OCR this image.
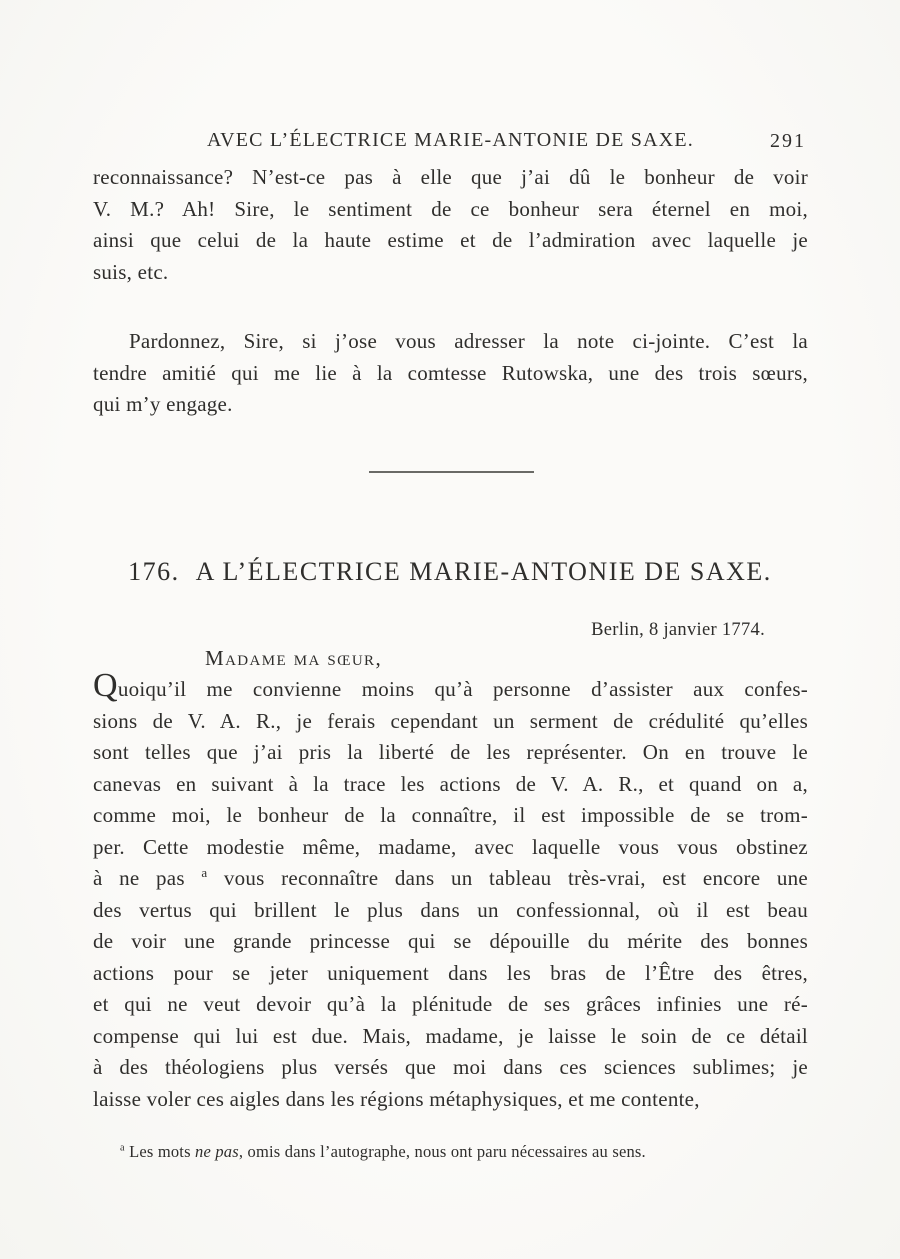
AVEC L’ÉLECTRICE MARIE-ANTONIE DE SAXE.	291
reconnaissance? N’est-ce pas à elle que j’ai dû le bonheur de voir
V. M.? Ah! Sire, le sentiment de ce bonheur sera éternel en moi,
ainsi que celui de la haute estime et de l’admiration avec laquelle je
suis, etc.
Pardonnez, Sire, si j’ose vous adresser la note ci-jointe. C’est la
tendre amitié qui me lie à la comtesse Rutowska, une des trois sœurs,
qui m’y engage.
176. A L’ÉLECTRICE MARIE-ANTONIE DE SAXE.
Berlin, 8 janvier 1774.
Madame ma sœur,
Quoiqu’il me convienne moins qu’à personne d’assister aux confes-
sions de V. A. R., je ferais cependant un serment de crédulité qu’elles
sont telles que j’ai pris la liberté de les représenter. On en trouve le
canevas en suivant à la trace les actions de V. A. R., et quand on a,
comme moi, le bonheur de la connaître, il est impossible de se trom-
per. Cette modestie même, madame, avec laquelle vous vous obstinez
à ne pas $^a$ vous reconnaître dans un tableau très-vrai, est encore une
des vertus qui brillent le plus dans un confessionnal, où il est beau
de voir une grande princesse qui se dépouille du mérite des bonnes
actions pour se jeter uniquement dans les bras de l’Être des êtres,
et qui ne veut devoir qu’à la plénitude de ses grâces infinies une ré-
compense qui lui est due. Mais, madame, je laisse le soin de ce détail
à des théologiens plus versés que moi dans ces sciences sublimes; je
laisse voler ces aigles dans les régions métaphysiques, et me contente,
$^a$ Les mots ne pas, omis dans l’autographe, nous ont paru nécessaires au sens.
